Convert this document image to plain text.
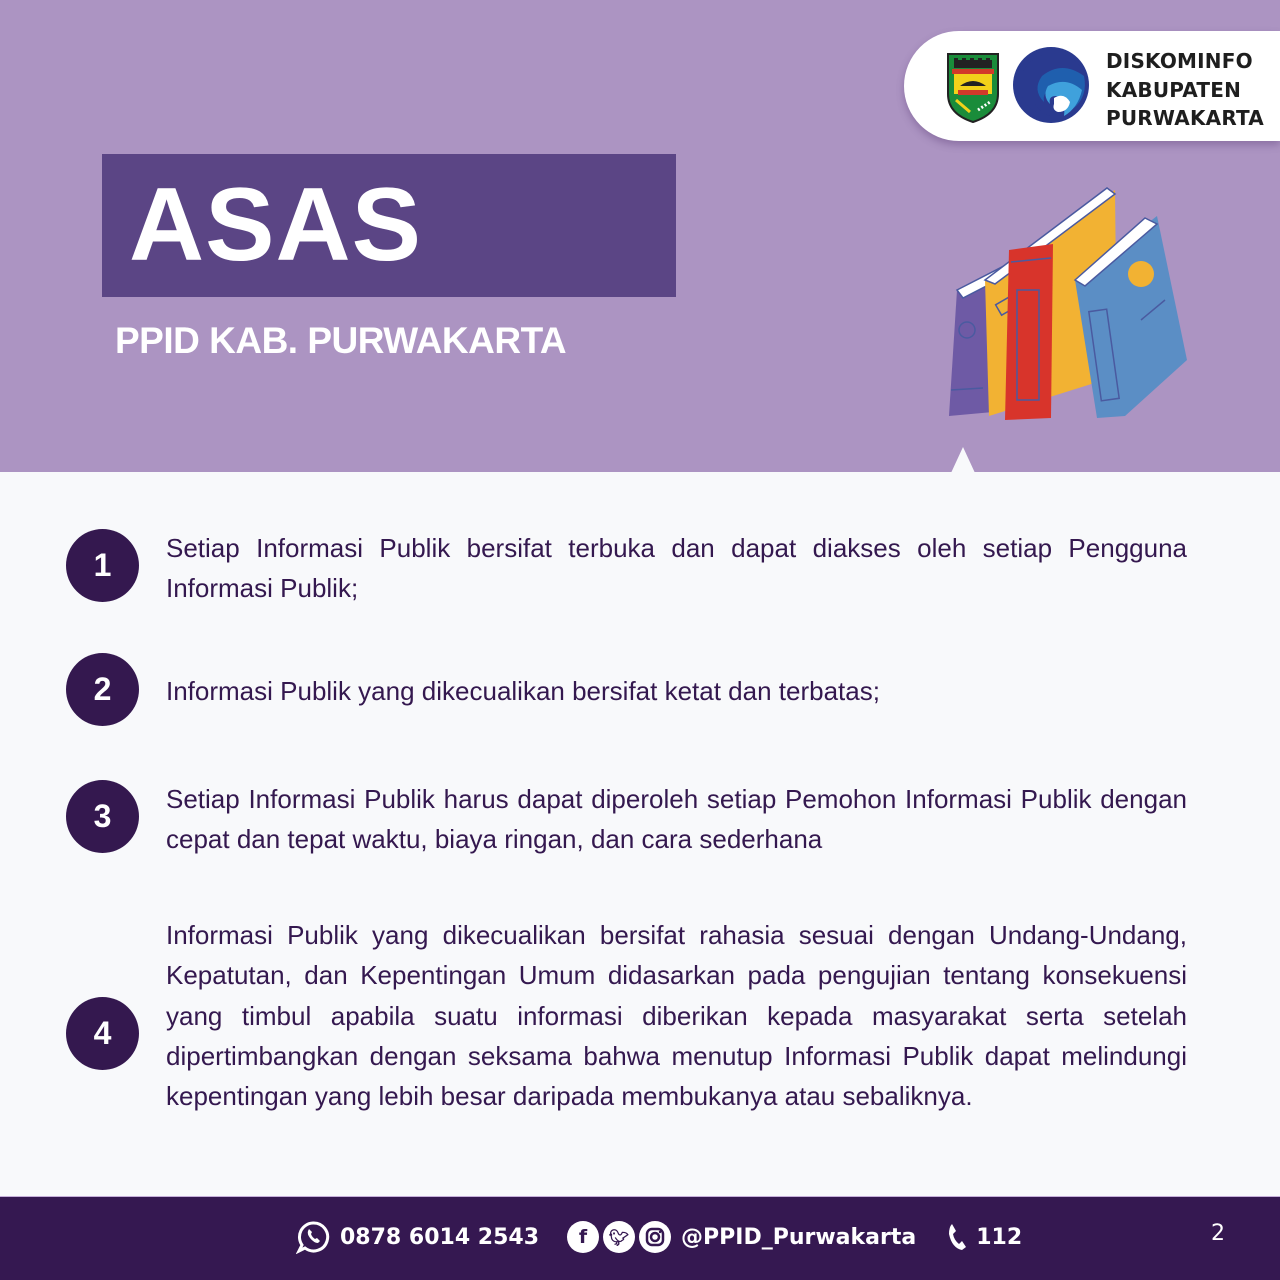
DISKOMINFO
KABUPATEN
PURWAKARTA
ASAS
PPID KAB. PURWAKARTA
1	Setiap Informasi Publik bersifat terbuka dan dapat diakses oleh setiap Pengguna Informasi Publik;
2	Informasi Publik yang dikecualikan bersifat ketat dan terbatas;
3	Setiap Informasi Publik harus dapat diperoleh setiap Pemohon Informasi Publik dengan cepat dan tepat waktu, biaya ringan, dan cara sederhana
4
Informasi Publik yang dikecualikan bersifat rahasia sesuai dengan Undang-Undang, Kepatutan, dan Kepentingan Umum didasarkan pada pengujian tentang konsekuensi yang timbul apabila suatu informasi diberikan kepada masyarakat serta setelah dipertimbangkan dengan seksama bahwa menutup Informasi Publik dapat melindungi kepentingan yang lebih besar daripada membukanya atau sebaliknya.
0878 6014 2543	f	🐦︎ @PPID_Purwakarta	112	2
